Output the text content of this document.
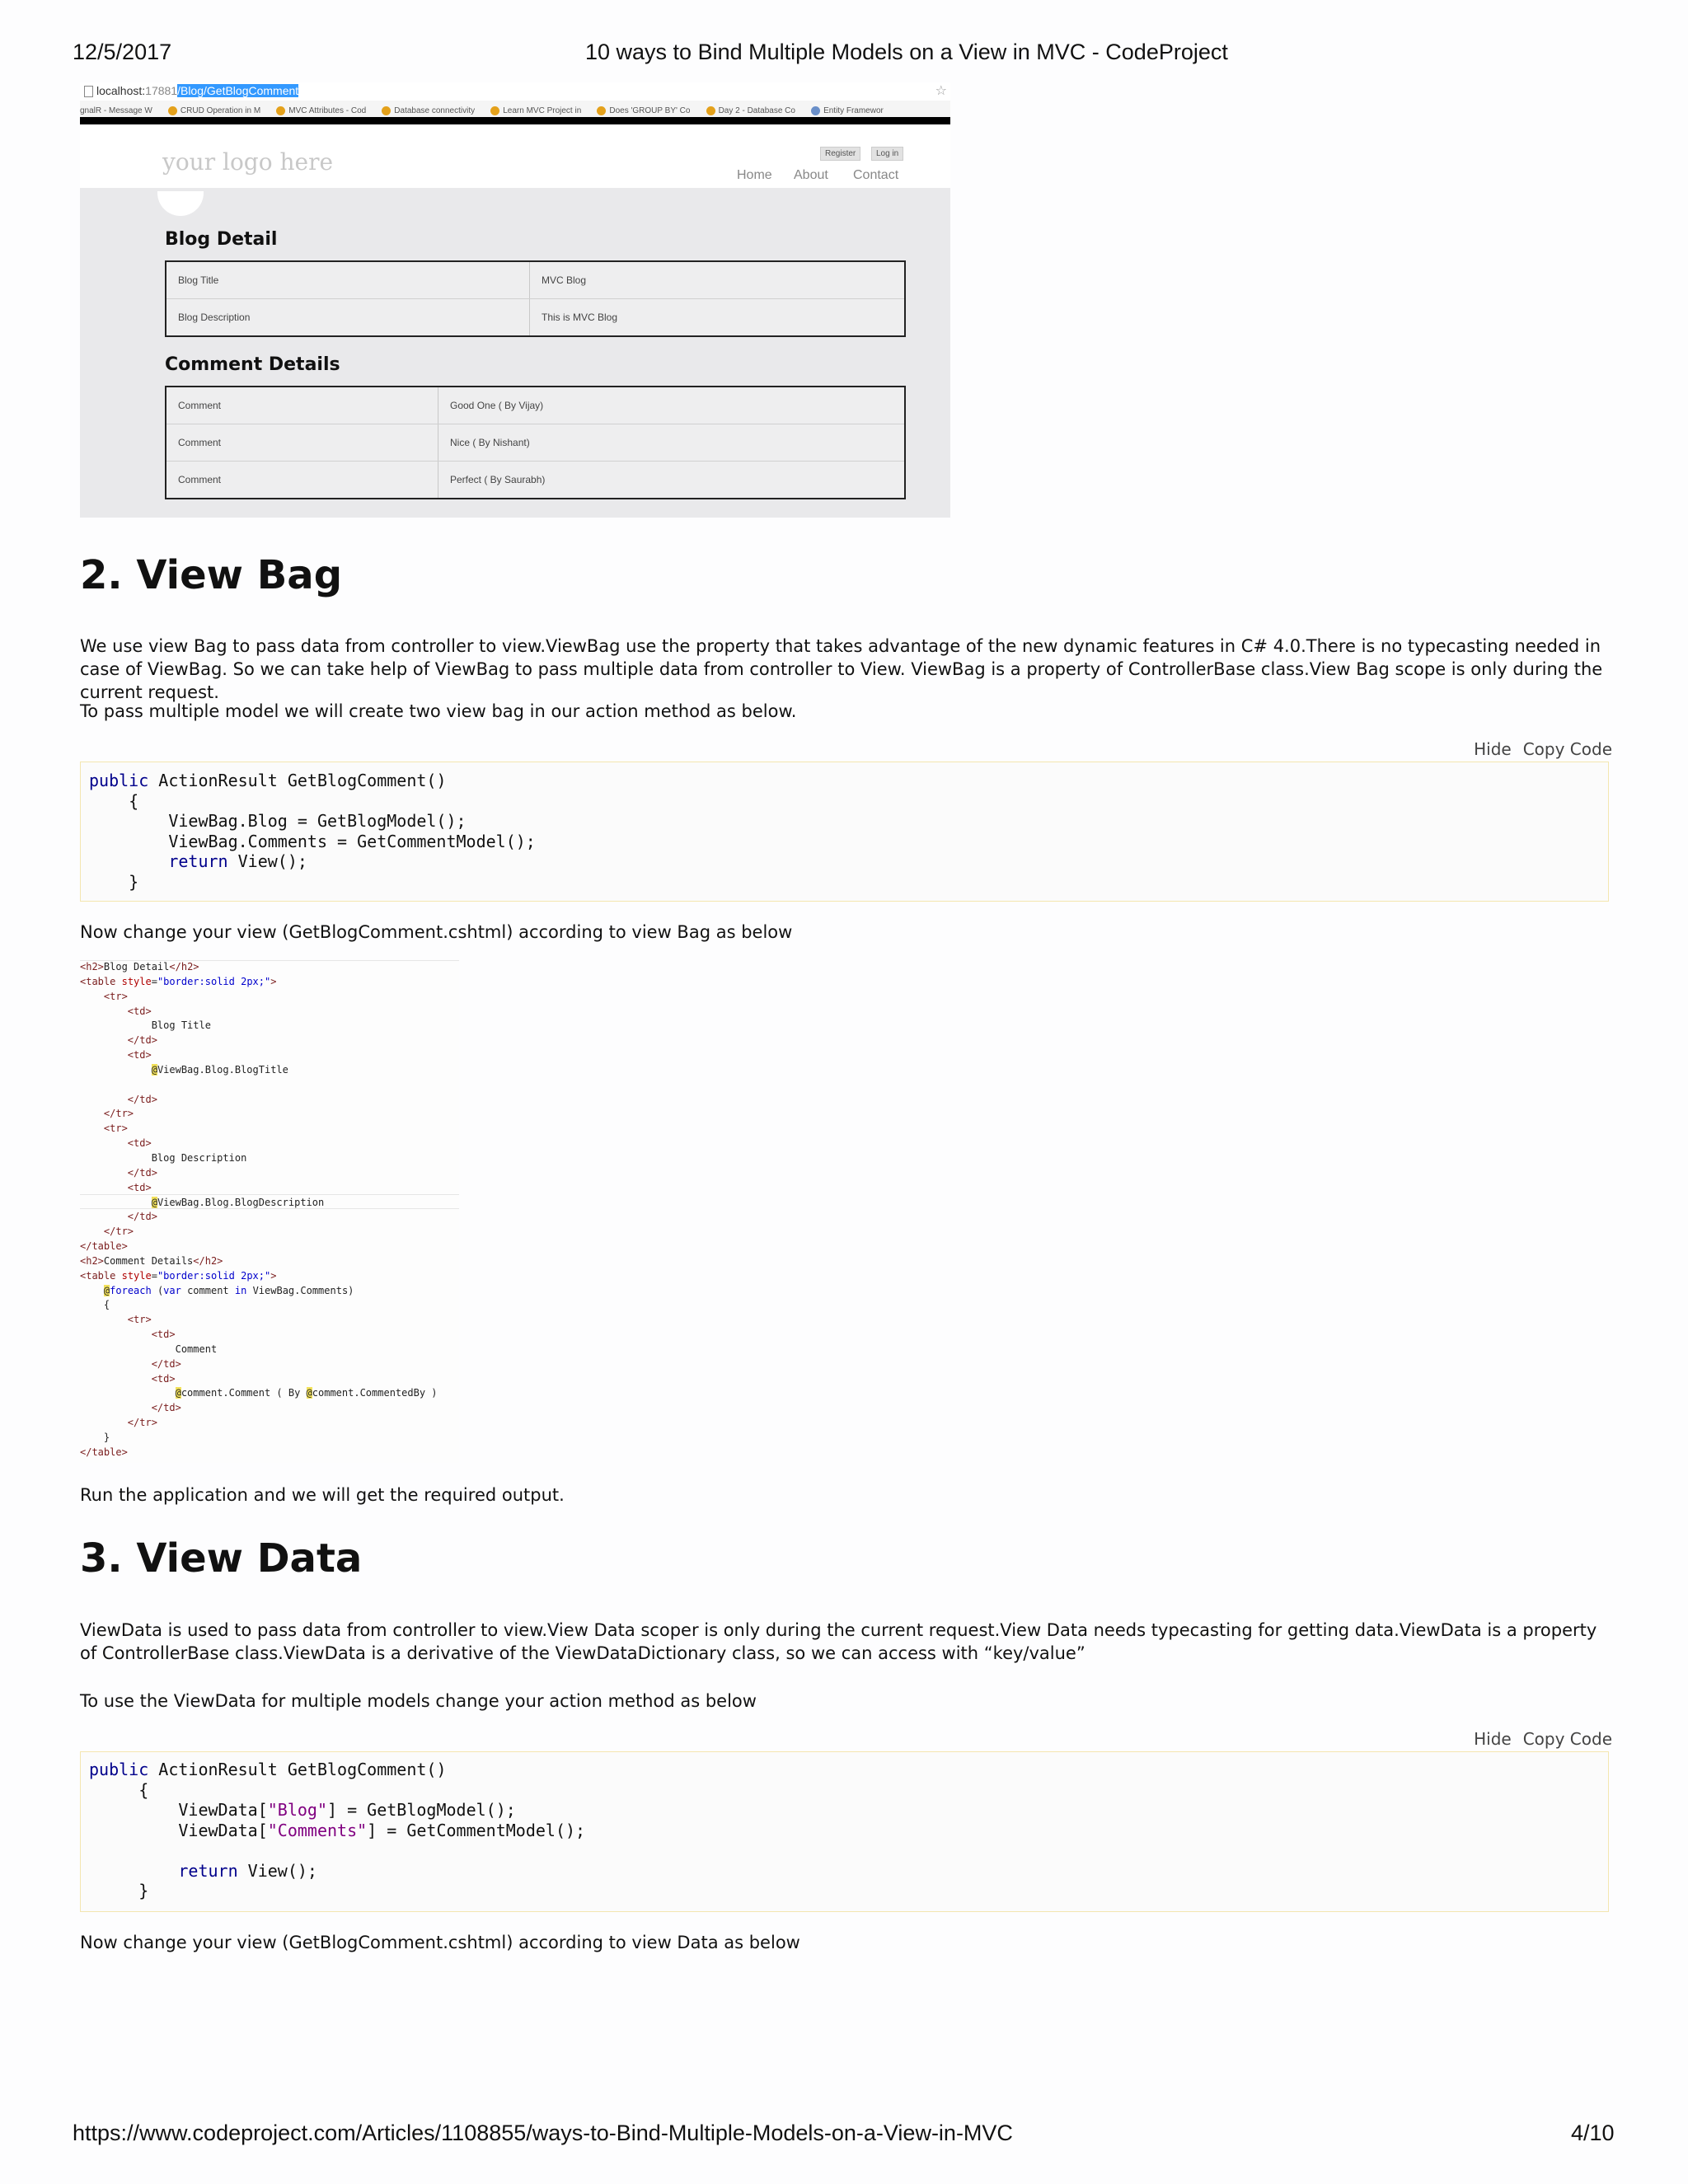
12/5/2017	10 ways to Bind Multiple Models on a View in MVC - CodeProject
localhost:17881/Blog/GetBlogComment	☆
gnalR - Message W	CRUD Operation in M	MVC Attributes - Cod	Database connectivity	Learn MVC Project in	Does 'GROUP BY' Co	Day 2 - Database Co	Entity Framewor
your logo here	Register	Log in
Home About Contact
Blog Detail
Blog Title	MVC Blog
Blog Description	This is MVC Blog
Comment Details
Comment	Good One ( By Vijay)
Comment	Nice ( By Nishant)
Comment	Perfect ( By Saurabh)
2. View Bag

We use view Bag to pass data from controller to view.ViewBag use the property that takes advantage of the new dynamic features in C# 4.0.There is no typecasting needed in case of ViewBag. So we can take help of ViewBag to pass multiple data from controller to View. ViewBag is a property of ControllerBase class.View Bag scope is only during the current request.

To pass multiple model we will create two view bag in our action method as below.

Hide Copy Code
public ActionResult GetBlogComment()
{
ViewBag.Blog = GetBlogModel();
ViewBag.Comments = GetCommentModel();
return View();
}

Now change your view (GetBlogComment.cshtml) according to view Bag as below

<h2>Blog Detail</h2>
<table style="border:solid 2px;">
<tr>
<td>
Blog Title
</td>
<td>
@ViewBag.Blog.BlogTitle

</td>
</tr>
<tr>
<td>
Blog Description
</td>
<td>
@ViewBag.Blog.BlogDescription
</td>
</tr>
</table>
<h2>Comment Details</h2>
<table style="border:solid 2px;">
@foreach (var comment in ViewBag.Comments)
{
<tr>
<td>
Comment
</td>
<td>
@comment.Comment ( By @comment.CommentedBy )
</td>
</tr>
}
</table>

Run the application and we will get the required output.

3. View Data

ViewData is used to pass data from controller to view.View Data scoper is only during the current request.View Data needs typecasting for getting data.ViewData is a property of ControllerBase class.ViewData is a derivative of the ViewDataDictionary class, so we can access with “key/value”

To use the ViewData for multiple models change your action method as below

Hide Copy Code
public ActionResult GetBlogComment()
{
ViewData["Blog"] = GetBlogModel();
ViewData["Comments"] = GetCommentModel();

return View();
}

Now change your view (GetBlogComment.cshtml) according to view Data as below

https://www.codeproject.com/Articles/1108855/ways-to-Bind-Multiple-Models-on-a-View-in-MVC	4/10
